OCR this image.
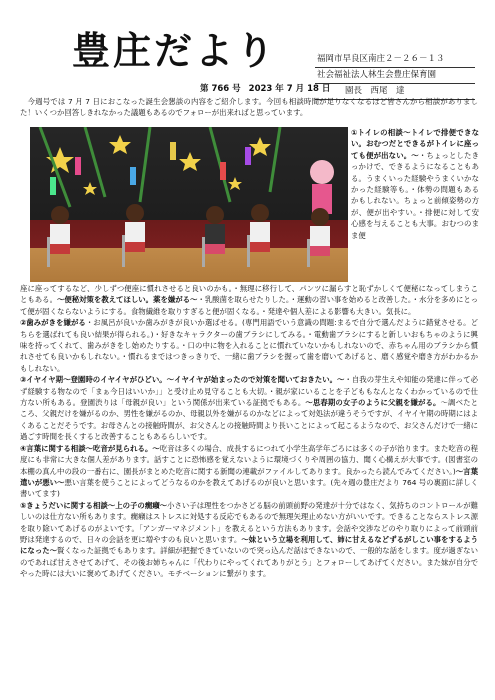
豊庄だより	福岡市早良区南庄２－２６－１３
社会福祉法人林生会豊庄保育園
園長　西尾　達
第 766 号 2023 年 7 月 18 日
 今週号では 7 月 7 日におこなった誕生会懇談の内容をご紹介します。今回も相談時間が足りなくなるほど皆さんから相談がありました！いくつか回答しきれなかった議題もあるのでフォローが出来ればと思っています。
①トイレの相談～トイレで排便できない。おむつだとできるがトイレに座っても便が出ない。～・ちょっとしたきっかけで、できるようになることもある。うまくいった経験やうまくいかなかった経験等も。・体勢の問題もあるかもしれない。ちょっと前傾姿勢の方が、便が出やすい。・排便に対して安心感を与えることも大事。おむつのまま便
座に座ってするなど、少しずつ便座に慣れさせると良いのかも。・無理に移行して、パンツに漏らすと恥ずかしくて便秘になってしまうこともある。～便秘対策を教えてほしい。薬を嫌がる～・乳酸菌を取らせたりした。・運動の習い事を始めると改善した。・水分を多めにとって便が固くならないようにする。食物繊維を取りすぎると便が固くなる。・発達や個人差による影響も大きい。気長に。
②歯みがきを嫌がる・お風呂が良いか歯みがきが良いか選ばせる。(専門用語でいう意識の問題:まるで自分で選んだように錯覚させる。どちらを選ばれても良い結果が得られる。)・好きなキャラクターの歯ブラシにしてみる。・電動歯ブラシにすると新しいおもちゃのように興味を持ってくれて、歯みがきをし始めたりする。・口の中に物を入れることに慣れていないかもしれないので、赤ちゃん用のブラシから慣れさせても良いかもしれない。・慣れるまではつきっきりで、一緒に歯ブラシを握って歯を磨いてあげると、磨く感覚や磨き方がわかるかもしれない。
③イヤイヤ期～登園時のイヤイヤがひどい。～イヤイヤが始まったので対策を聞いておきたい。～・自我の芽生えや知能の発達に伴って必ず経験する物なので「まぁ今日はいいか」」と受け止め見守ることも大切。・親が家にいることを子どももなんとなくわかっているので仕方ない所もある。登園渋りは「母親が良い」という関係が出来ている証拠でもある。～思春期の女子のように父親を嫌がる。～調べたところ、父親だけを嫌がるのか、男性を嫌がるのか、母親以外を嫌がるのかなどによって対処法が違うそうですが、イヤイヤ期の時期にはよくあることだそうです。お母さんとの接触時間が、お父さんとの接触時間より長いことによって起こるようなので、お父さんだけで一緒に過ごす時間を長くすると改善することもあるらしいです。
④言葉に関する相談～吃音が見られる。～吃音は多くの場合、成長するにつれて小学生高学年ごろには多くの子が治ります。また吃音の程度にも非常に大きな個人差があります。話すことに恐怖感を覚えないように環境づくりや周囲の協力、聞く心構えが大事です。(図書室の本棚の真ん中の段の一番右に、園長がまとめた吃音に関する新聞の連載がファイルしてあります。良かったら読んでみてください。)～言葉遣いが悪い～悪い言葉を使うことによってどうなるのかを教えてあげるのが良いと思います。(先々週の豊庄だより 764 号の裏面に詳しく書いてます)
⑤きょうだいに関する相談～上の子の癇癪～小さい子は理性をつかさどる脳の前頭前野の発達が十分ではなく、気持ちのコントロールが難しいのは仕方ない所もあります。癇癪はストレスに対処する反応でもあるので無理矢理止めない方がいいです。できることならストレス源を取り除いてあげるのがよいです。「アンガーマネジメント」を教えるという方法もあります。会話や交渉などのやり取りによって前頭前野は発達するので、日々の会話を更に増やすのも良いと思います。～妹という立場を利用して、姉に甘えるなどずるがしこい事をするようになった～賢くなった証拠でもあります。詳細が把握できていないので突っ込んだ話はできないので、一般的な話をします。度が過ぎないのであれば甘えさせてあげて、その後お姉ちゃんに「代わりにやってくれてありがとう」とフォローしてあげてください。また妹が自分でやった時には大いに褒めてあげてください。モチベーションに繋がります。
